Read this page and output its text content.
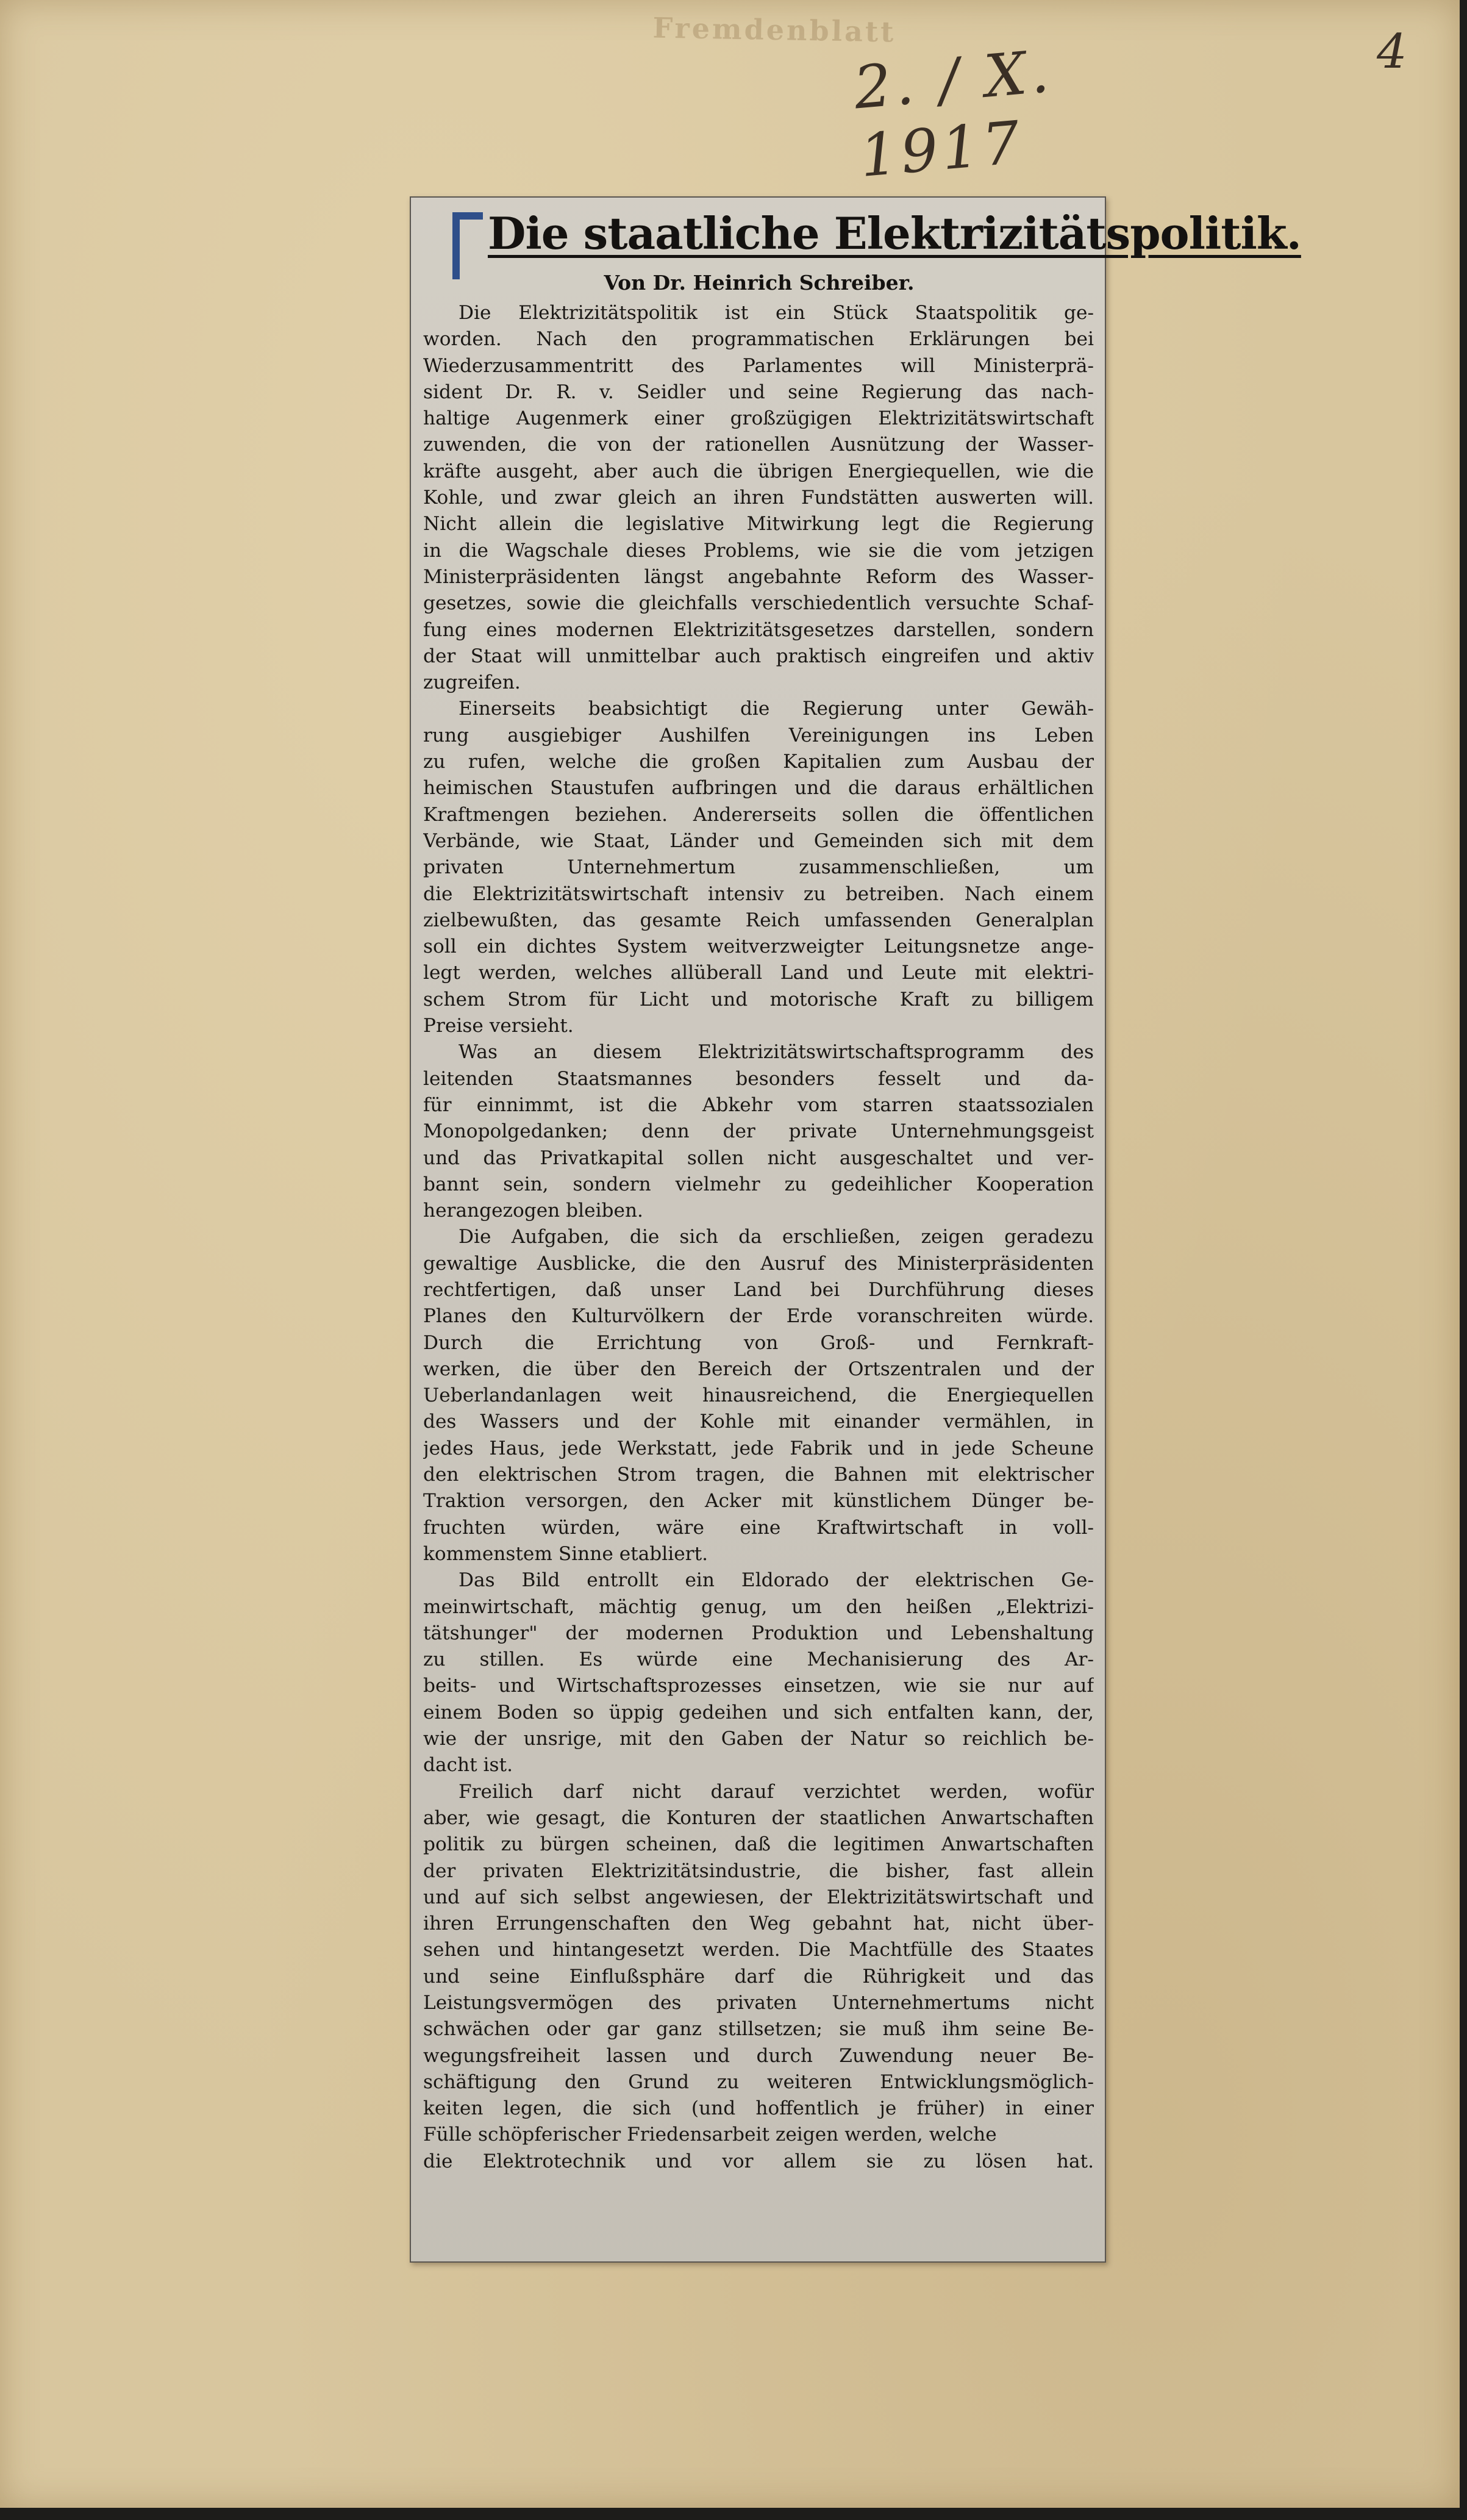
Fremdenblatt
2. / X. 1917
4
Die staatliche Elektrizitätspolitik.
Von Dr. Heinrich Schreiber.
Die Elektrizitätspolitik ist ein Stück Staatspolitik ge-
worden. Nach den programmatischen Erklärungen bei
Wiederzusammentritt des Parlamentes will Ministerprä-
sident Dr. R. v. Seidler und seine Regierung das nach-
haltige Augenmerk einer großzügigen Elektrizitätswirtschaft
zuwenden, die von der rationellen Ausnützung der Wasser-
kräfte ausgeht, aber auch die übrigen Energiequellen, wie die
Kohle, und zwar gleich an ihren Fundstätten auswerten will.
Nicht allein die legislative Mitwirkung legt die Regierung
in die Wagschale dieses Problems, wie sie die vom jetzigen
Ministerpräsidenten längst angebahnte Reform des Wasser-
gesetzes, sowie die gleichfalls verschiedentlich versuchte Schaf-
fung eines modernen Elektrizitätsgesetzes darstellen, sondern
der Staat will unmittelbar auch praktisch eingreifen und aktiv
zugreifen.
Einerseits beabsichtigt die Regierung unter Gewäh-
rung ausgiebiger Aushilfen Vereinigungen ins Leben
zu rufen, welche die großen Kapitalien zum Ausbau der
heimischen Staustufen aufbringen und die daraus erhältlichen
Kraftmengen beziehen. Andererseits sollen die öffentlichen
Verbände, wie Staat, Länder und Gemeinden sich mit dem
privaten Unternehmertum zusammenschließen, um
die Elektrizitätswirtschaft intensiv zu betreiben. Nach einem
zielbewußten, das gesamte Reich umfassenden Generalplan
soll ein dichtes System weitverzweigter Leitungsnetze ange-
legt werden, welches allüberall Land und Leute mit elektri-
schem Strom für Licht und motorische Kraft zu billigem
Preise versieht.
Was an diesem Elektrizitätswirtschaftsprogramm des
leitenden Staatsmannes besonders fesselt und da-
für einnimmt, ist die Abkehr vom starren staatssozialen
Monopolgedanken; denn der private Unternehmungsgeist
und das Privatkapital sollen nicht ausgeschaltet und ver-
bannt sein, sondern vielmehr zu gedeihlicher Kooperation
herangezogen bleiben.
Die Aufgaben, die sich da erschließen, zeigen geradezu
gewaltige Ausblicke, die den Ausruf des Ministerpräsidenten
rechtfertigen, daß unser Land bei Durchführung dieses
Planes den Kulturvölkern der Erde voranschreiten würde.
Durch die Errichtung von Groß- und Fernkraft-
werken, die über den Bereich der Ortszentralen und der
Ueberlandanlagen weit hinausreichend, die Energiequellen
des Wassers und der Kohle mit einander vermählen, in
jedes Haus, jede Werkstatt, jede Fabrik und in jede Scheune
den elektrischen Strom tragen, die Bahnen mit elektrischer
Traktion versorgen, den Acker mit künstlichem Dünger be-
fruchten würden, wäre eine Kraftwirtschaft in voll-
kommenstem Sinne etabliert.
Das Bild entrollt ein Eldorado der elektrischen Ge-
meinwirtschaft, mächtig genug, um den heißen „Elektrizi-
tätshunger" der modernen Produktion und Lebenshaltung
zu stillen. Es würde eine Mechanisierung des Ar-
beits- und Wirtschaftsprozesses einsetzen, wie sie nur auf
einem Boden so üppig gedeihen und sich entfalten kann, der,
wie der unsrige, mit den Gaben der Natur so reichlich be-
dacht ist.
Freilich darf nicht darauf verzichtet werden, wofür
aber, wie gesagt, die Konturen der staatlichen Anwartschaften
politik zu bürgen scheinen, daß die legitimen Anwartschaften
der privaten Elektrizitätsindustrie, die bisher, fast allein
und auf sich selbst angewiesen, der Elektrizitätswirtschaft und
ihren Errungenschaften den Weg gebahnt hat, nicht über-
sehen und hintangesetzt werden. Die Machtfülle des Staates
und seine Einflußsphäre darf die Rührigkeit und das
Leistungsvermögen des privaten Unternehmertums nicht
schwächen oder gar ganz stillsetzen; sie muß ihm seine Be-
wegungsfreiheit lassen und durch Zuwendung neuer Be-
schäftigung den Grund zu weiteren Entwicklungsmöglich-
keiten legen, die sich (und hoffentlich je früher) in einer
Fülle schöpferischer Friedensarbeit zeigen werden, welche
die Elektrotechnik und vor allem sie zu lösen hat.
